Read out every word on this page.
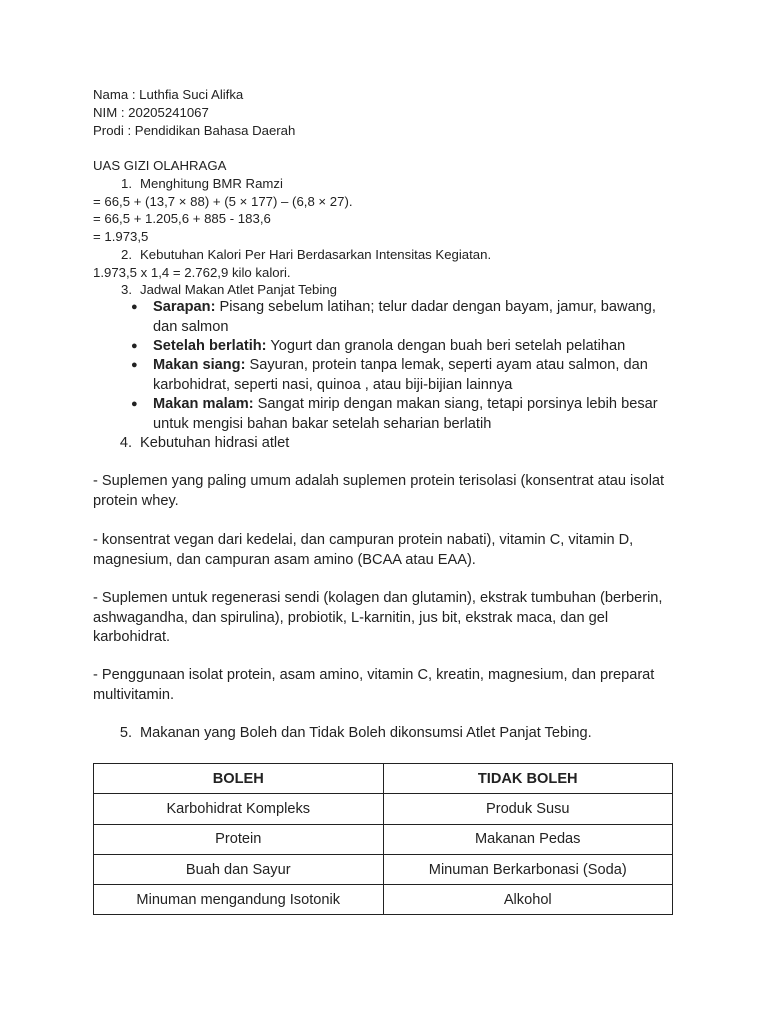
Nama : Luthfia Suci Alifka
NIM : 20205241067
Prodi : Pendidikan Bahasa Daerah
UAS GIZI OLAHRAGA
1. Menghitung BMR Ramzi
= 66,5 + (13,7 × 88) + (5 × 177) – (6,8 × 27).
= 66,5 + 1.205,6 + 885 - 183,6
= 1.973,5
2. Kebutuhan Kalori Per Hari Berdasarkan Intensitas Kegiatan.
1.973,5 x 1,4 = 2.762,9 kilo kalori.
3. Jadwal Makan Atlet Panjat Tebing
● Sarapan: Pisang sebelum latihan; telur dadar dengan bayam, jamur, bawang, dan salmon
● Setelah berlatih: Yogurt dan granola dengan buah beri setelah pelatihan
● Makan siang: Sayuran, protein tanpa lemak, seperti ayam atau salmon, dan karbohidrat, seperti nasi, quinoa , atau biji-bijian lainnya
● Makan malam: Sangat mirip dengan makan siang, tetapi porsinya lebih besar untuk mengisi bahan bakar setelah seharian berlatih
4. Kebutuhan hidrasi atlet
- Suplemen yang paling umum adalah suplemen protein terisolasi (konsentrat atau isolat protein whey.
- konsentrat vegan dari kedelai, dan campuran protein nabati), vitamin C, vitamin D, magnesium, dan campuran asam amino (BCAA atau EAA).
- Suplemen untuk regenerasi sendi (kolagen dan glutamin), ekstrak tumbuhan (berberin, ashwagandha, dan spirulina), probiotik, L-karnitin, jus bit, ekstrak maca, dan gel karbohidrat.
- Penggunaan isolat protein, asam amino, vitamin C, kreatin, magnesium, dan preparat multivitamin.
5. Makanan yang Boleh dan Tidak Boleh dikonsumsi Atlet Panjat Tebing.
BOLEH	TIDAK BOLEH
Karbohidrat Kompleks	Produk Susu
Protein	Makanan Pedas
Buah dan Sayur	Minuman Berkarbonasi (Soda)
Minuman mengandung Isotonik	Alkohol
